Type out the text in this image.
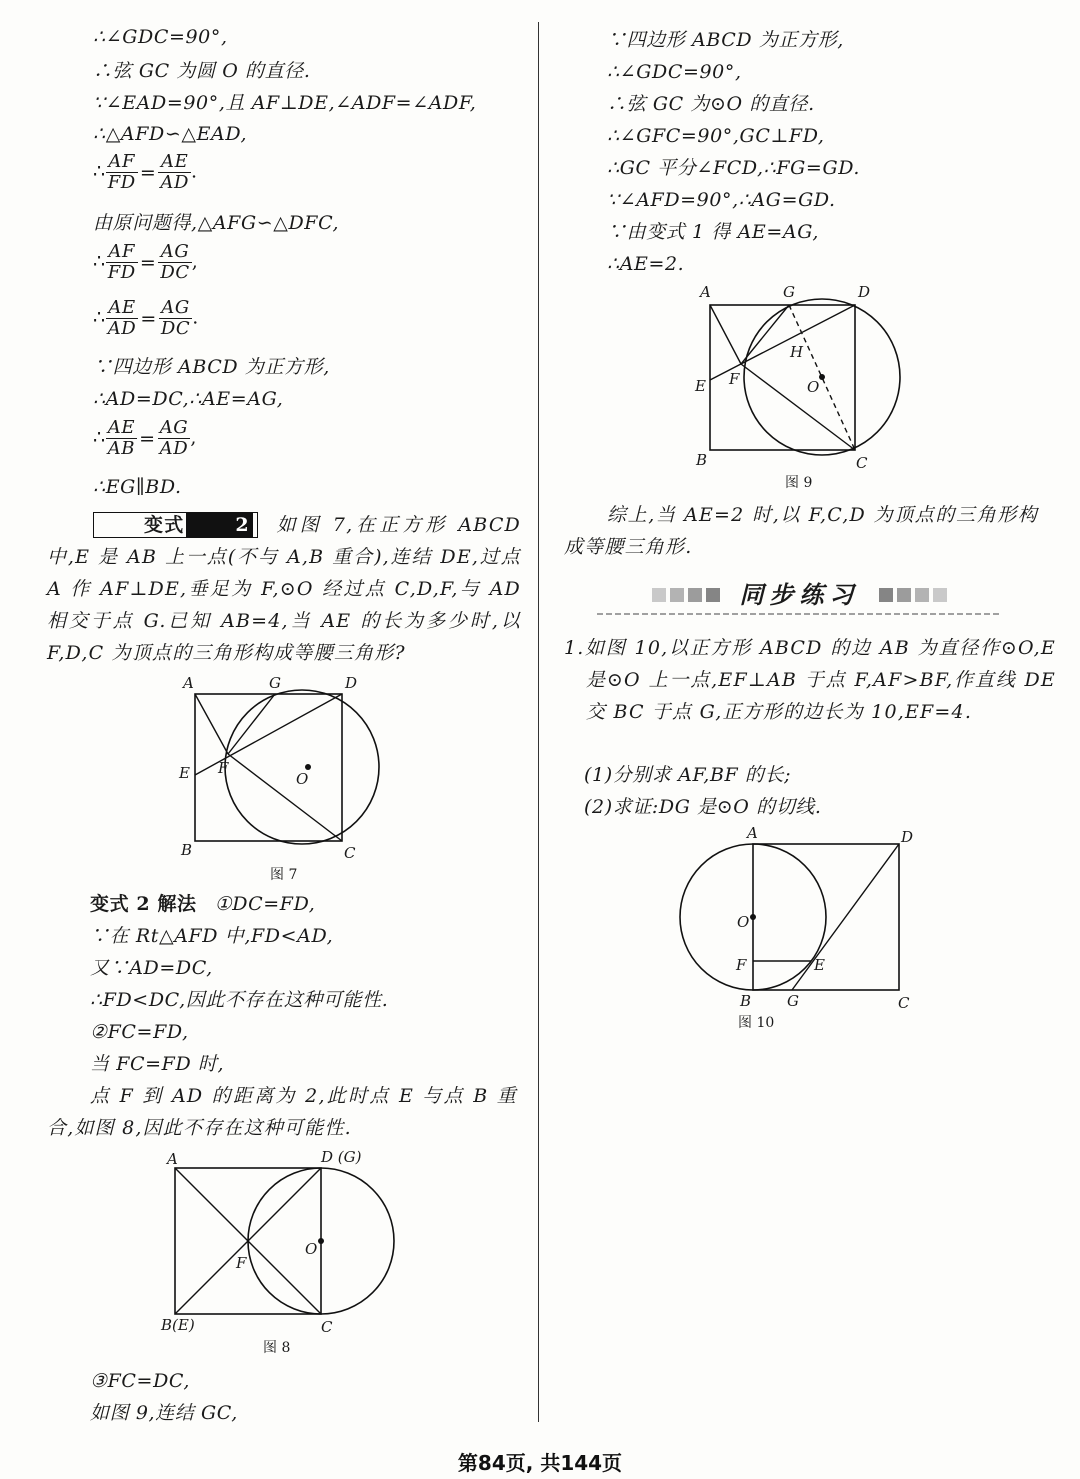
∴∠GDC=90°,
∴弦 GC 为圆 O 的直径.
∵∠EAD=90°,且 AF⊥DE,∠ADF=∠ADF,
∴△AFD∽△EAD,
∴ $\frac{AF}{FD} = \frac{AE}{AD}$ .
由原问题得,△AFG∽△DFC,
∴ $\frac{AF}{FD} = \frac{AG}{DC}$ ,
∴ $\frac{AE}{AD} = \frac{AG}{DC}$ .
∵四边形 ABCD 为正方形,
∴AD=DC,∴AE=AG,
∴ $\frac{AE}{AB} = \frac{AG}{AD}$ ,
∴EG∥BD.
变式	2 如图 7,在正方形 ABCD 中,E 是 AB 上一点(不与 A,B 重合),连结 DE,过点 A 作 AF⊥DE,垂足为 F,⊙O 经过点 C,D,F,与 AD 相交于点 G.已知 AB=4,当 AE 的长为多少时,以 F,D,C 为顶点的三角形构成等腰三角形?
A	G	D
E F
O
B	C
图 7
变式 2 解法 ①DC=FD,
∵在 Rt△AFD 中,FD<AD,
又∵AD=DC,
∴FD<DC,因此不存在这种可能性.
②FC=FD,
当 FC=FD 时,
点 F 到 AD 的距离为 2,此时点 E 与点 B 重合,如图 8,因此不存在这种可能性.
A	D (G)
F
O
B(E)	C
图 8
③FC=DC,
如图 9,连结 GC,
∵四边形 ABCD 为正方形,
∴∠GDC=90°,
∴弦 GC 为⊙O 的直径.
∴∠GFC=90°,GC⊥FD,
∴GC 平分∠FCD,∴FG=GD.
∵∠AFD=90°,∴AG=GD.
∵由变式 1 得 AE=AG,
∴AE=2.
A	G	D
H
E F	O
B	C
图 9
综上,当 AE=2 时,以 F,C,D 为顶点的三角形构成等腰三角形.
同步练习
1.如图 10,以正方形 ABCD 的边 AB 为直径作⊙O,E 是⊙O 上一点,EF⊥AB 于点 F,AF>BF,作直线 DE 交 BC 于点 G,正方形的边长为 10,EF=4.
(1)分别求 AF,BF 的长;
(2)求证:DG 是⊙O 的切线.
A	D
O
F	E
B G	C
图 10
第84页, 共144页
